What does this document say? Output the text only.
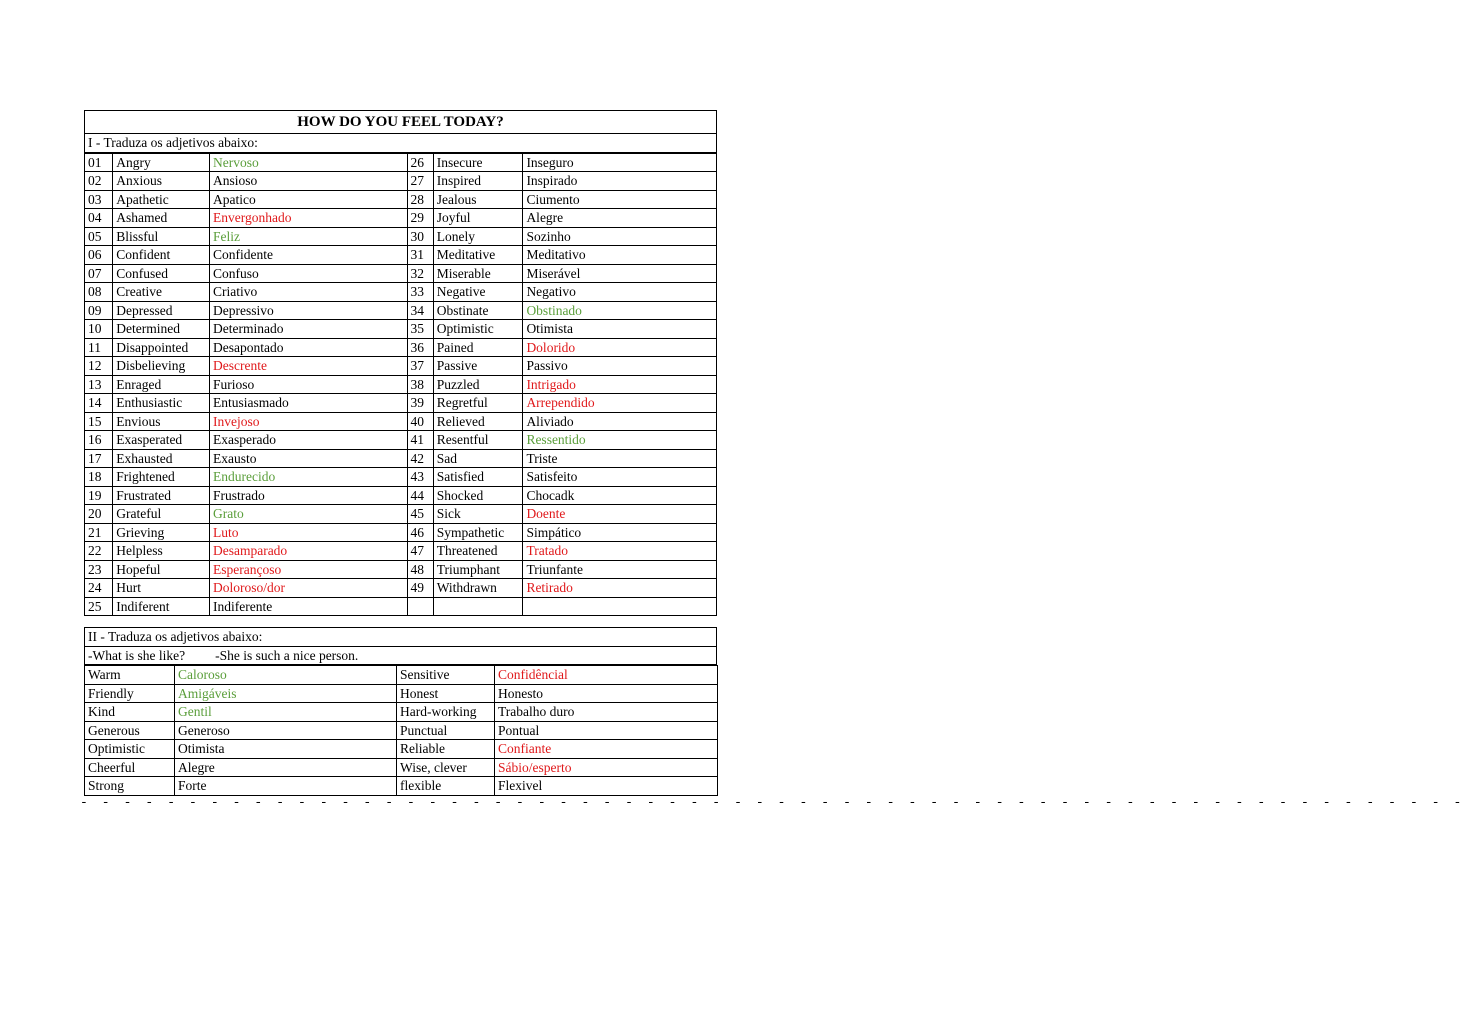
HOW DO YOU FEEL TODAY?
I - Traduza os adjetivos abaixo:
01	Angry	Nervoso	26	Insecure	Inseguro
02	Anxious	Ansioso	27	Inspired	Inspirado
03	Apathetic	Apatico	28	Jealous	Ciumento
04	Ashamed	Envergonhado	29	Joyful	Alegre
05	Blissful	Feliz	30	Lonely	Sozinho
06	Confident	Confidente	31	Meditative	Meditativo
07	Confused	Confuso	32	Miserable	Miserável
08	Creative	Criativo	33	Negative	Negativo
09	Depressed	Depressivo	34	Obstinate	Obstinado
10	Determined	Determinado	35	Optimistic	Otimista
11	Disappointed	Desapontado	36	Pained	Dolorido
12	Disbelieving	Descrente	37	Passive	Passivo
13	Enraged	Furioso	38	Puzzled	Intrigado
14	Enthusiastic	Entusiasmado	39	Regretful	Arrependido
15	Envious	Invejoso	40	Relieved	Aliviado
16	Exasperated	Exasperado	41	Resentful	Ressentido
17	Exhausted	Exausto	42	Sad	Triste
18	Frightened	Endurecido	43	Satisfied	Satisfeito
19	Frustrated	Frustrado	44	Shocked	Chocadk
20	Grateful	Grato	45	Sick	Doente
21	Grieving	Luto	46	Sympathetic	Simpático
22	Helpless	Desamparado	47	Threatened	Tratado
23	Hopeful	Esperançoso	48	Triumphant	Triunfante
24	Hurt	Doloroso/dor	49	Withdrawn	Retirado
25	Indiferent	Indiferente			
II - Traduza os adjetivos abaixo:
-What is she like? -She is such a nice person.
Warm	Caloroso	Sensitive	Confidêncial
Friendly	Amigáveis	Honest	Honesto
Kind	Gentil	Hard-working	Trabalho duro
Generous	Generoso	Punctual	Pontual
Optimistic	Otimista	Reliable	Confiante
Cheerful	Alegre	Wise, clever	Sábio/esperto
Strong	Forte	flexible	Flexivel
- - - - - - - - - - - - - - - - - - - - - - - - - - - - - - - - - - - - - - - - - - - - - - - - - - - - - - - - - - - - - - - -
